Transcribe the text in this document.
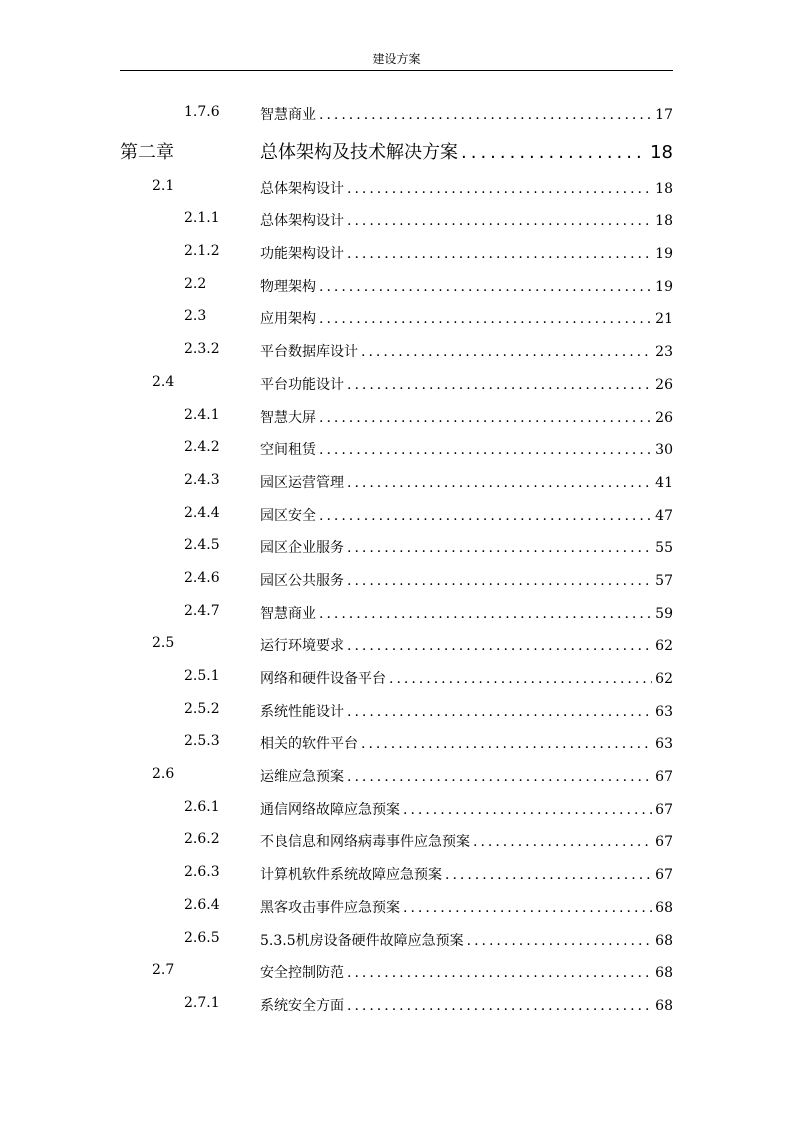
建设方案
1.7.6	智慧商业 .....	17
第二章	总体架构及技术解决方案 .....	18
2.1	总体架构设计 .....	18
2.1.1	总体架构设计 .....	18
2.1.2	功能架构设计 .....	19
2.2	物理架构 .....	19
2.3	应用架构 .....	21
2.3.2	平台数据库设计 .....	23
2.4	平台功能设计 .....	26
2.4.1	智慧大屏 .....	26
2.4.2	空间租赁 .....	30
2.4.3	园区运营管理 .....	41
2.4.4	园区安全 .....	47
2.4.5	园区企业服务 .....	55
2.4.6	园区公共服务 .....	57
2.4.7	智慧商业 .....	59
2.5	运行环境要求 .....	62
2.5.1	网络和硬件设备平台 .....	62
2.5.2	系统性能设计 .....	63
2.5.3	相关的软件平台 .....	63
2.6	运维应急预案 .....	67
2.6.1	通信网络故障应急预案 .....	67
2.6.2	不良信息和网络病毒事件应急预案 .....	67
2.6.3	计算机软件系统故障应急预案 .....	67
2.6.4	黑客攻击事件应急预案 .....	68
2.6.5	5.3.5机房设备硬件故障应急预案 .....	68
2.7	安全控制防范 .....	68
2.7.1	系统安全方面 .....	68
